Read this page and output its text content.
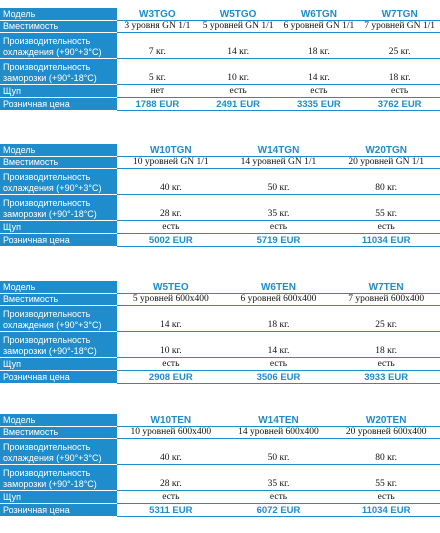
Модель	W3TGO	W5TGO	W6TGN	W7TGN
Вместимость	3 уровня GN 1/1	5 уровней GN 1/1	6 уровней GN 1/1	7 уровней GN 1/1
Производительность
охлаждения (+90°+3°C)	7 кг.	14 кг.	18 кг.	25 кг.
Производительность
заморозки (+90°-18°C)	5 кг.	10 кг.	14 кг.	18 кг.
Щуп	нет	есть	есть	есть
Розничная цена	1788 EUR	2491 EUR	3335 EUR	3762 EUR
Модель	W10TGN	W14TGN	W20TGN
Вместимость	10 уровней GN 1/1	14 уровней GN 1/1	20 уровней GN 1/1
Производительность
охлаждения (+90°+3°C)	40 кг.	50 кг.	80 кг.
Производительность
заморозки (+90°-18°C)	28 кг.	35 кг.	55 кг.
Щуп	есть	есть	есть
Розничная цена	5002 EUR	5719 EUR	11034 EUR
Модель	W5TEO	W6TEN	W7TEN
Вместимость	5 уровней 600x400	6 уровней 600x400	7 уровней 600x400
Производительность
охлаждения (+90°+3°C)	14 кг.	18 кг.	25 кг.
Производительность
заморозки (+90°-18°C)	10 кг.	14 кг.	18 кг.
Щуп	есть	есть	есть
Розничная цена	2908 EUR	3506 EUR	3933 EUR
Модель	W10TEN	W14TEN	W20TEN
Вместимость	10 уровней 600x400	14 уровней 600x400	20 уровней 600x400
Производительность
охлаждения (+90°+3°C)	40 кг.	50 кг.	80 кг.
Производительность
заморозки (+90°-18°C)	28 кг.	35 кг.	55 кг.
Щуп	есть	есть	есть
Розничная цена	5311 EUR	6072 EUR	11034 EUR
